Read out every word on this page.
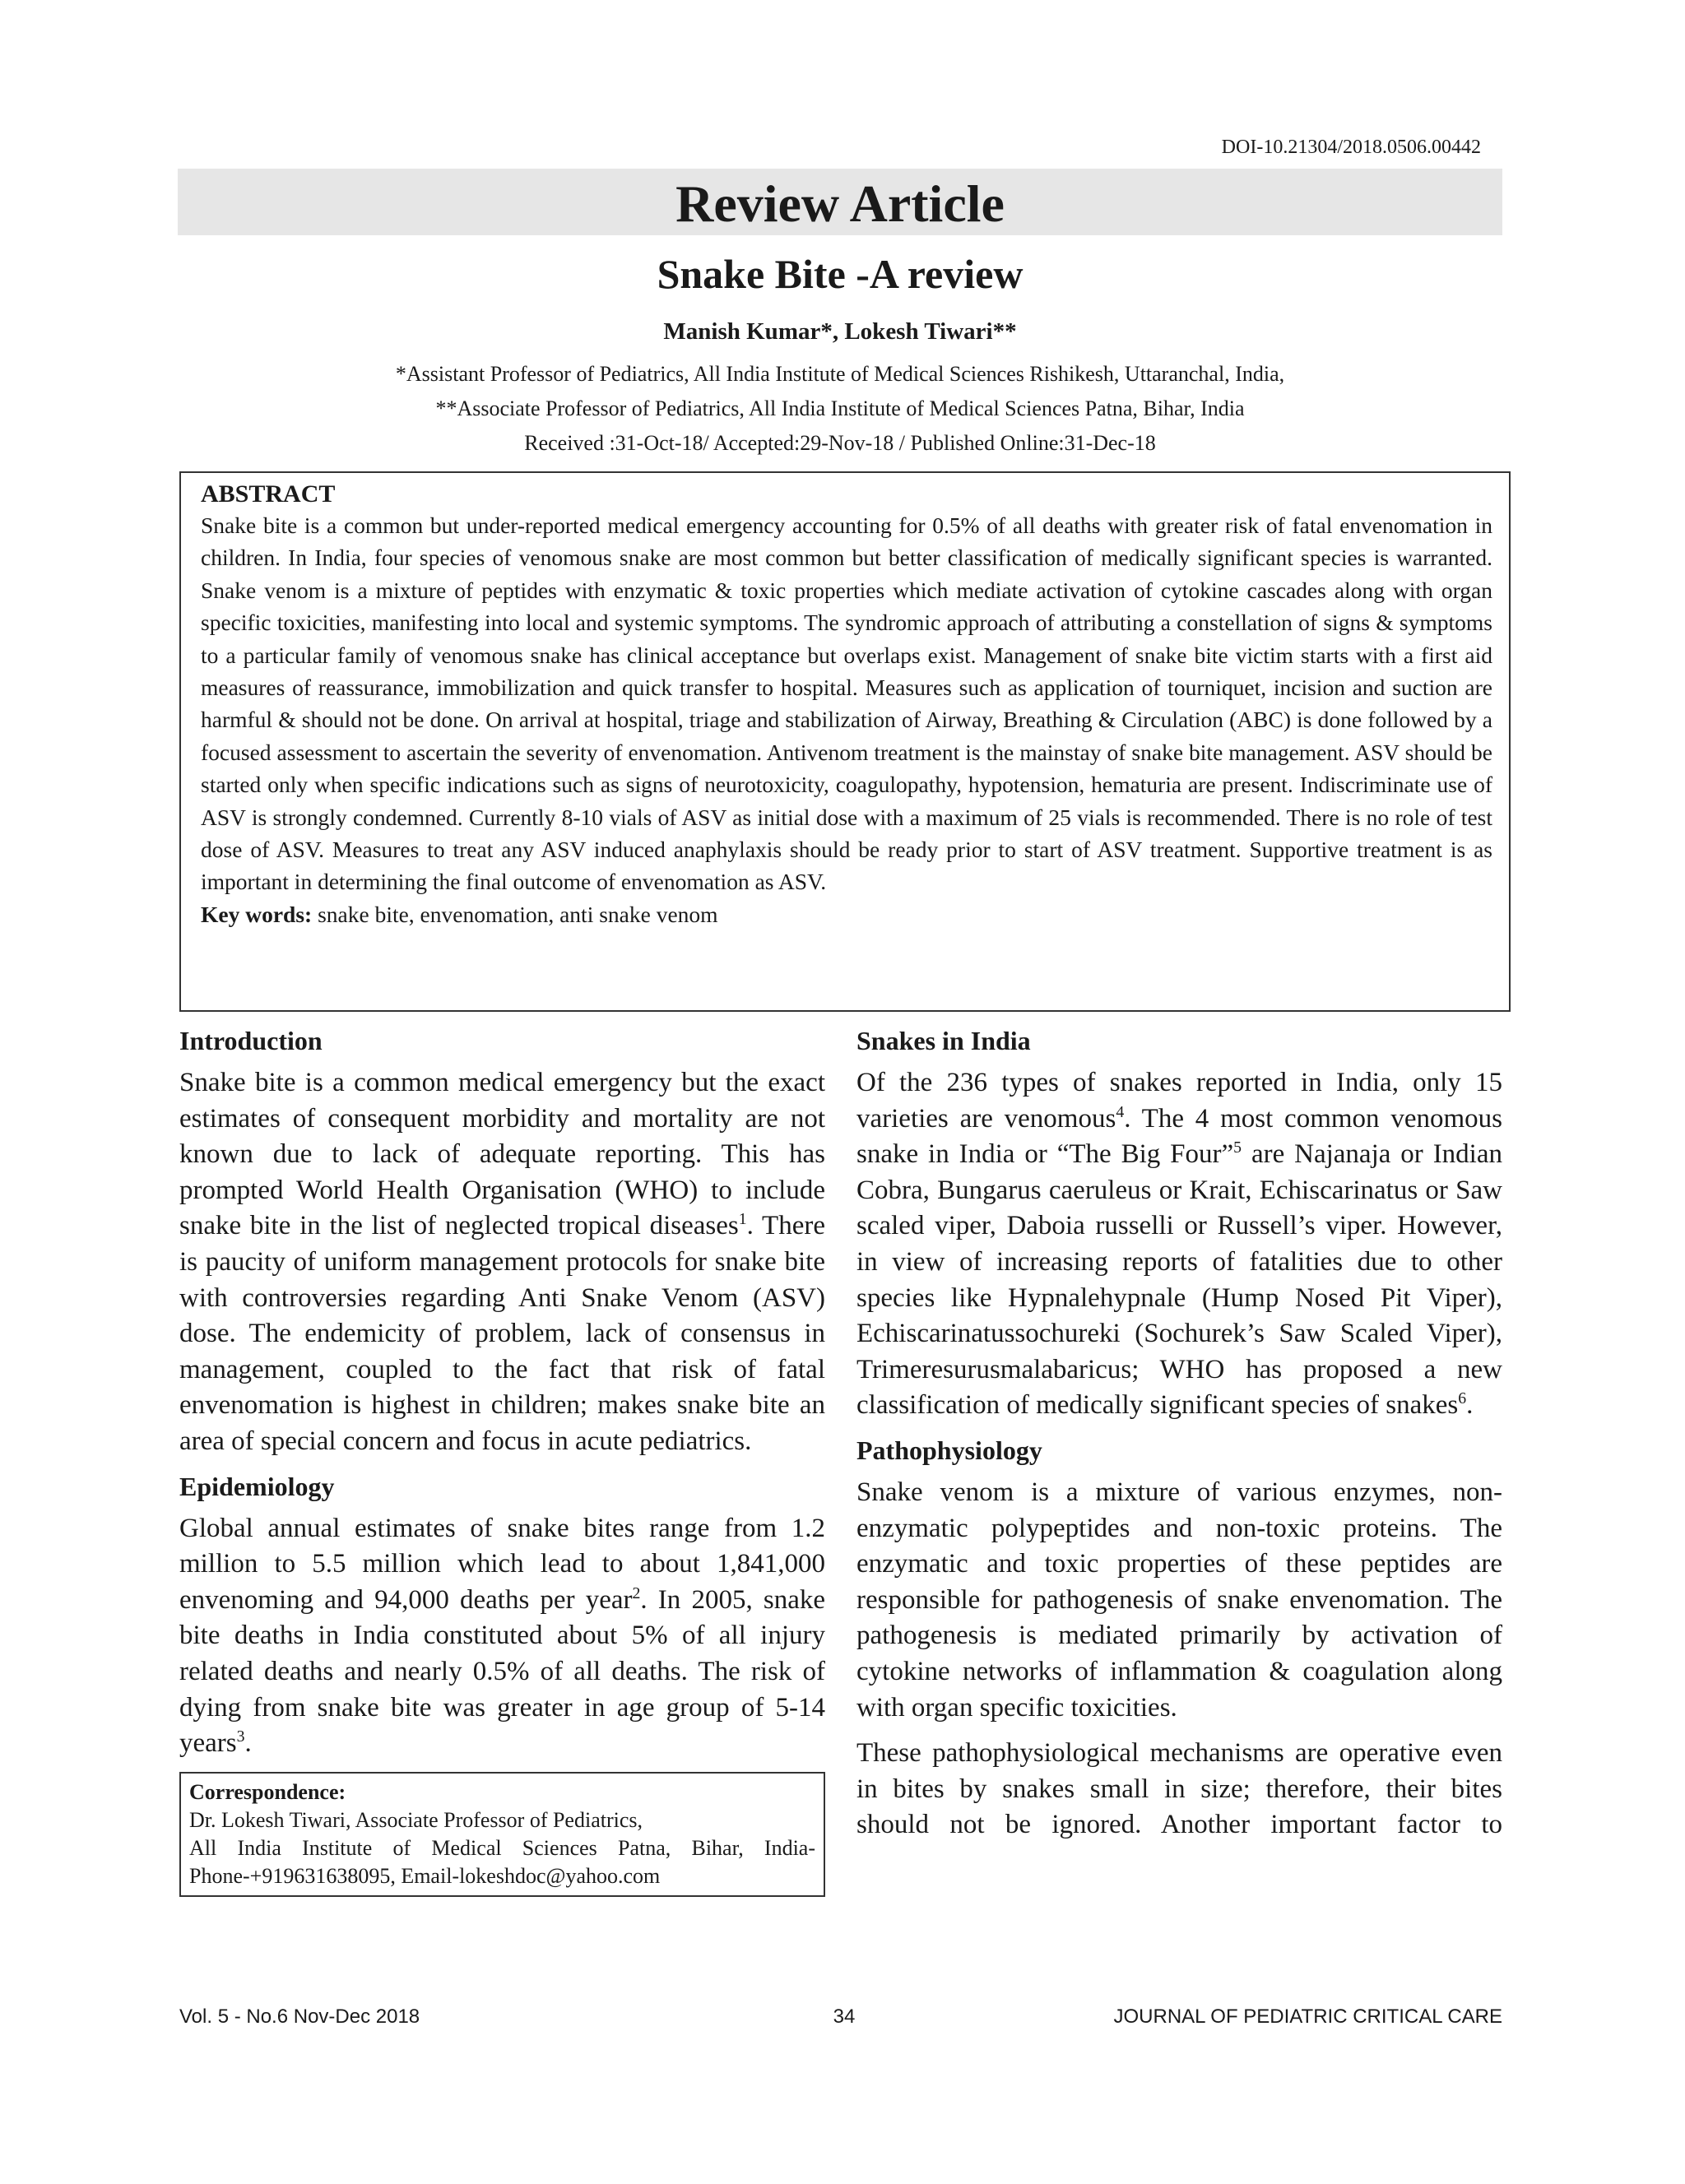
DOI-10.21304/2018.0506.00442
Review Article
Snake Bite -A review
Manish Kumar*, Lokesh Tiwari**
*Assistant Professor of Pediatrics, All India Institute of Medical Sciences Rishikesh, Uttaranchal, India,
**Associate Professor of Pediatrics, All India Institute of Medical Sciences Patna, Bihar, India
Received :31-Oct-18/ Accepted:29-Nov-18 / Published Online:31-Dec-18
ABSTRACT

Snake bite is a common but under-reported medical emergency accounting for 0.5% of all deaths with greater risk of fatal envenomation in children. In India, four species of venomous snake are most common but better classification of medically significant species is warranted. Snake venom is a mixture of peptides with enzymatic & toxic properties which mediate activation of cytokine cascades along with organ specific toxicities, manifesting into local and systemic symptoms. The syndromic approach of attributing a constellation of signs & symptoms to a particular family of venomous snake has clinical acceptance but overlaps exist. Management of snake bite victim starts with a first aid measures of reassurance, immobilization and quick transfer to hospital. Measures such as application of tourniquet, incision and suction are harmful & should not be done. On arrival at hospital, triage and stabilization of Airway, Breathing & Circulation (ABC) is done followed by a focused assessment to ascertain the severity of envenomation. Antivenom treatment is the mainstay of snake bite management. ASV should be started only when specific indications such as signs of neurotoxicity, coagulopathy, hypotension, hematuria are present. Indiscriminate use of ASV is strongly condemned. Currently 8-10 vials of ASV as initial dose with a maximum of 25 vials is recommended. There is no role of test dose of ASV. Measures to treat any ASV induced anaphylaxis should be ready prior to start of ASV treatment. Supportive treatment is as important in determining the final outcome of envenomation as ASV.

Key words: snake bite, envenomation, anti snake venom

Introduction

Snake bite is a common medical emergency but the exact estimates of consequent morbidity and mortality are not known due to lack of adequate reporting. This has prompted World Health Organisation (WHO) to include snake bite in the list of neglected tropical diseases$^1$. There is paucity of uniform management protocols for snake bite with controversies regarding Anti Snake Venom (ASV) dose. The endemicity of problem, lack of consensus in management, coupled to the fact that risk of fatal envenomation is highest in children; makes snake bite an area of special concern and focus in acute pediatrics.

Epidemiology

Global annual estimates of snake bites range from 1.2 million to 5.5 million which lead to about 1,841,000 envenoming and 94,000 deaths per year$^2$. In 2005, snake bite deaths in India constituted about 5% of all injury related deaths and nearly 0.5% of all deaths. The risk of dying from snake bite was greater in age group of 5-14 years$^3$.

Correspondence:
Dr. Lokesh Tiwari, Associate Professor of Pediatrics,
All India Institute of Medical Sciences Patna, Bihar, India-
Phone-+919631638095, Email-lokeshdoc@yahoo.com
Snakes in India

Of the 236 types of snakes reported in India, only 15 varieties are venomous$^4$. The 4 most common venomous snake in India or “The Big Four”$^5$ are Najanaja or Indian Cobra, Bungarus caeruleus or Krait, Echiscarinatus or Saw scaled viper, Daboia russelli or Russell’s viper. However, in view of increasing reports of fatalities due to other species like Hypnalehypnale (Hump Nosed Pit Viper), Echiscarinatussochureki (Sochurek’s Saw Scaled Viper), Trimeresurusmalabaricus; WHO has proposed a new classification of medically significant species of snakes$^6$.

Pathophysiology

Snake venom is a mixture of various enzymes, non-enzymatic polypeptides and non-toxic proteins. The enzymatic and toxic properties of these peptides are responsible for pathogenesis of snake envenomation. The pathogenesis is mediated primarily by activation of cytokine networks of inflammation & coagulation along with organ specific toxicities.

These pathophysiological mechanisms are operative even in bites by snakes small in size; therefore, their bites should not be ignored. Another important factor to

Vol. 5 - No.6 Nov-Dec 2018	34	JOURNAL OF PEDIATRIC CRITICAL CARE
